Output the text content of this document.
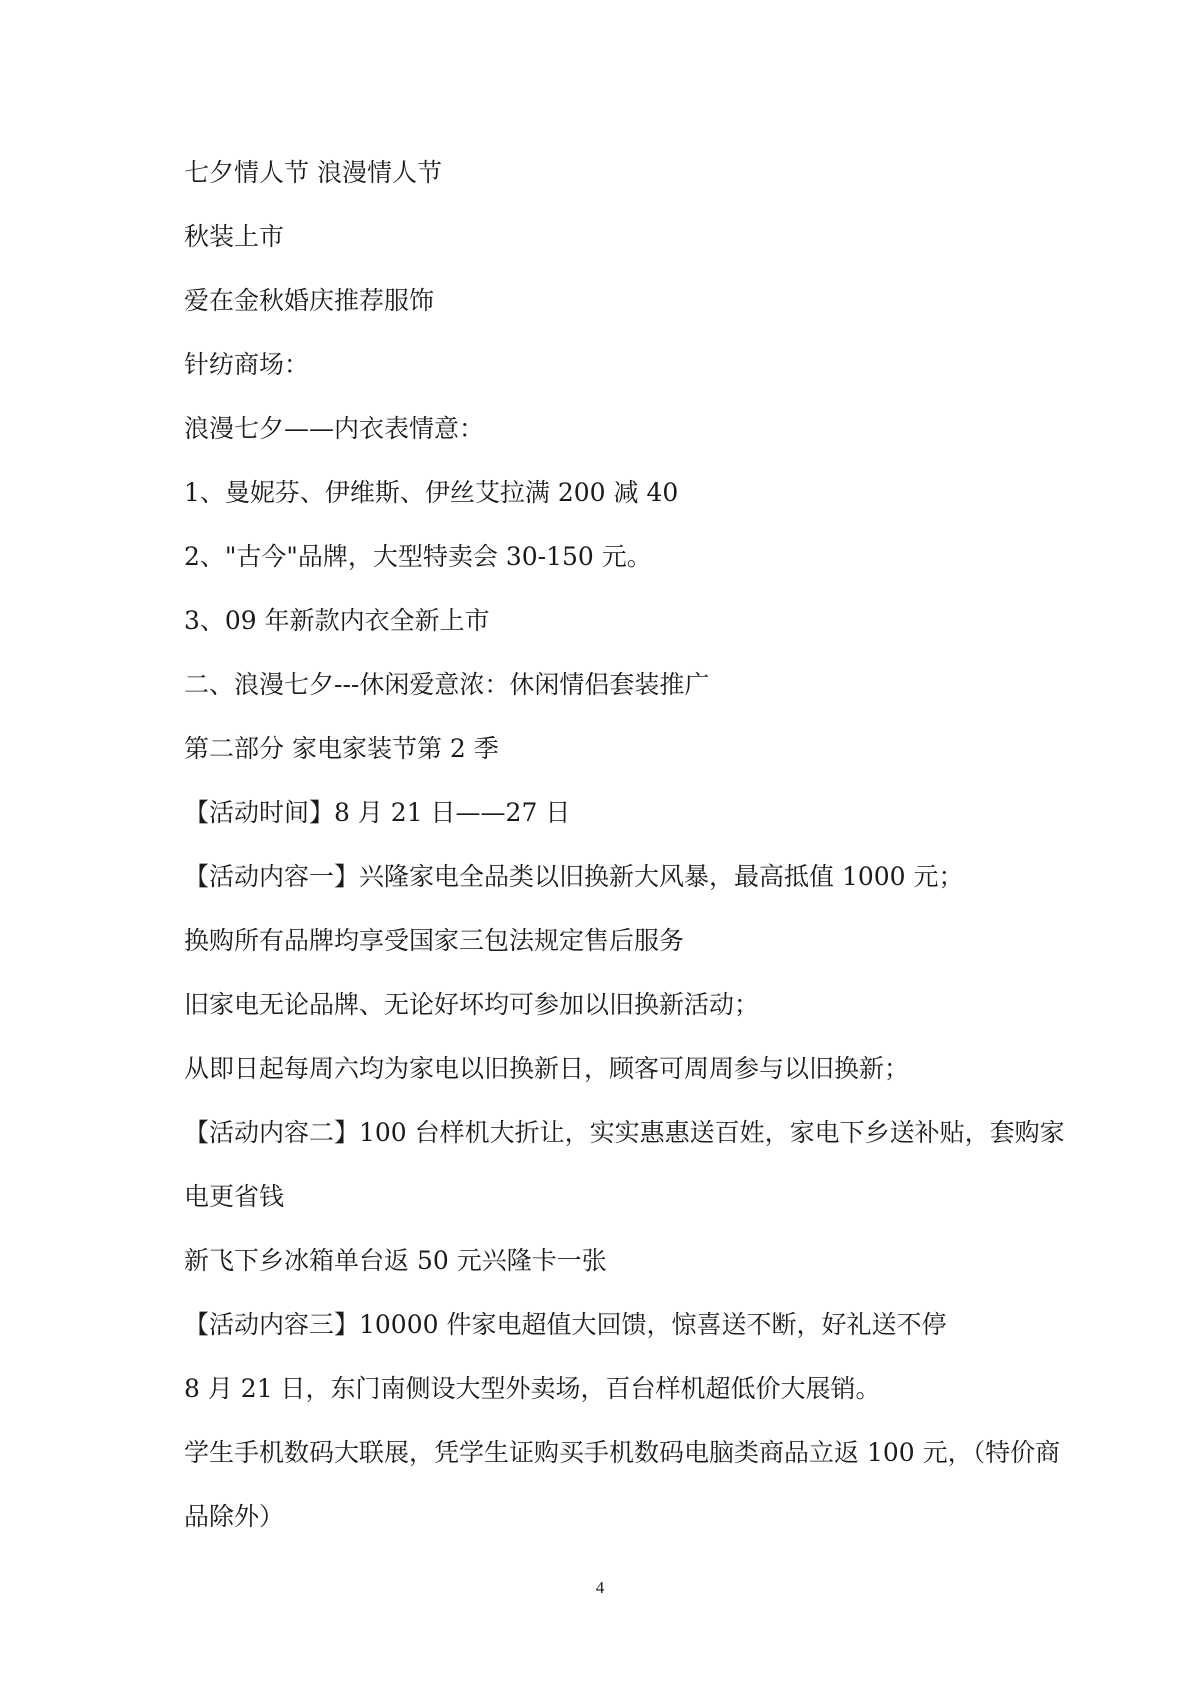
七夕情人节 浪漫情人节
秋装上市
爱在金秋婚庆推荐服饰
针纺商场：
浪漫七夕——内衣表情意：
1、曼妮芬、伊维斯、伊丝艾拉满 200 减 40
2、"古今"品牌，大型特卖会 30-150 元。
3、09 年新款内衣全新上市
二、浪漫七夕---休闲爱意浓：休闲情侣套装推广
第二部分 家电家装节第 2 季
【活动时间】8 月 21 日——27 日
【活动内容一】兴隆家电全品类以旧换新大风暴，最高抵值 1000 元；
换购所有品牌均享受国家三包法规定售后服务
旧家电无论品牌、无论好坏均可参加以旧换新活动；
从即日起每周六均为家电以旧换新日，顾客可周周参与以旧换新；
【活动内容二】100 台样机大折让，实实惠惠送百姓，家电下乡送补贴，套购家
电更省钱
新飞下乡冰箱单台返 50 元兴隆卡一张
【活动内容三】10000 件家电超值大回馈，惊喜送不断，好礼送不停
8 月 21 日，东门南侧设大型外卖场，百台样机超低价大展销。
学生手机数码大联展，凭学生证购买手机数码电脑类商品立返 100 元，（特价商
品除外）
4
